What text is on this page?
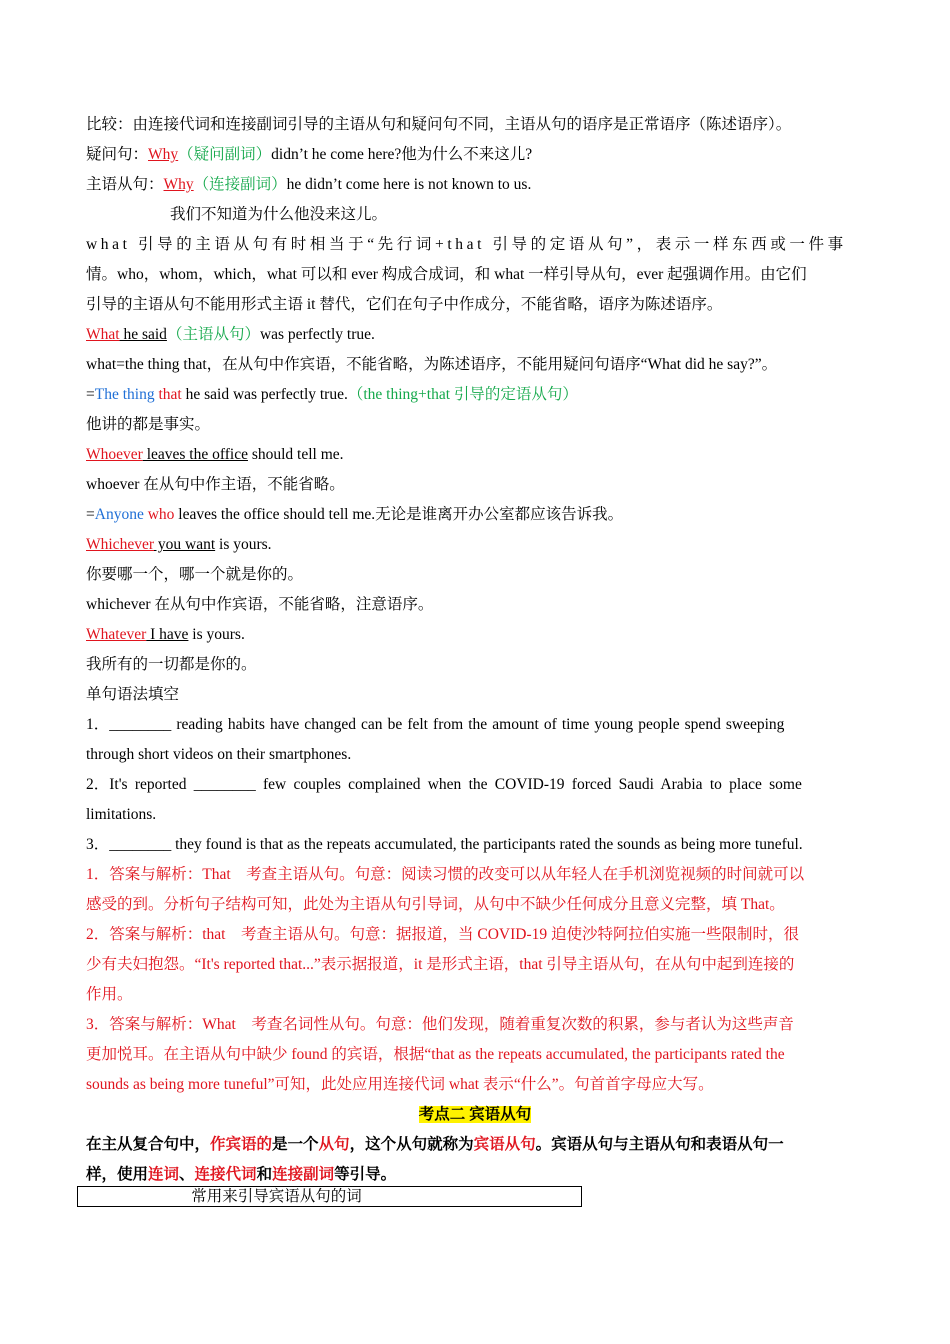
比较：由连接代词和连接副词引导的主语从句和疑问句不同，主语从句的语序是正常语序（陈述语序）。

疑问句：Why（疑问副词）didn’t he come here?他为什么不来这儿?

主语从句：Why（连接副词）he didn’t come here is not known to us.

我们不知道为什么他没来这儿。

what 引导的主语从句有时相当于“先行词+that 引导的定语从句”，表示一样东西或一件事

情。who，whom，which，what 可以和 ever 构成合成词，和 what 一样引导从句，ever 起强调作用。由它们

引导的主语从句不能用形式主语 it 替代，它们在句子中作成分，不能省略，语序为陈述语序。

What he said（主语从句）was perfectly true.

what=the thing that，在从句中作宾语，不能省略，为陈述语序，不能用疑问句语序“What did he say?”。

=The thing that he said was perfectly true.（the thing+that 引导的定语从句）

他讲的都是事实。

Whoever leaves the office should tell me.

whoever 在从句中作主语，不能省略。

=Anyone who leaves the office should tell me.无论是谁离开办公室都应该告诉我。

Whichever you want is yours.

你要哪一个，哪一个就是你的。

whichever 在从句中作宾语，不能省略，注意语序。

Whatever I have is yours.

我所有的一切都是你的。

单句语法填空

1．________ reading habits have changed can be felt from the amount of time young people spend sweeping

through short videos on their smartphones.

2．It's reported ________ few couples complained when the COVID-19 forced Saudi Arabia to place some

limitations.

3．________ they found is that as the repeats accumulated, the participants rated the sounds as being more tuneful.

1．答案与解析：That　考查主语从句。句意：阅读习惯的改变可以从年轻人在手机浏览视频的时间就可以

感受的到。分析句子结构可知，此处为主语从句引导词，从句中不缺少任何成分且意义完整，填 That。

2．答案与解析：that　考查主语从句。句意：据报道，当 COVID-19 迫使沙特阿拉伯实施一些限制时，很

少有夫妇抱怨。“It's reported that...”表示据报道，it 是形式主语，that 引导主语从句，在从句中起到连接的

作用。

3．答案与解析：What　考查名词性从句。句意：他们发现，随着重复次数的积累，参与者认为这些声音

更加悦耳。在主语从句中缺少 found 的宾语，根据“that as the repeats accumulated, the participants rated the

sounds as being more tuneful”可知，此处应用连接代词 what 表示“什么”。句首首字母应大写。

考点二 宾语从句

在主从复合句中，作宾语的是一个从句，这个从句就称为宾语从句。宾语从句与主语从句和表语从句一

样，使用连词、连接代词和连接副词等引导。

常用来引导宾语从句的词
